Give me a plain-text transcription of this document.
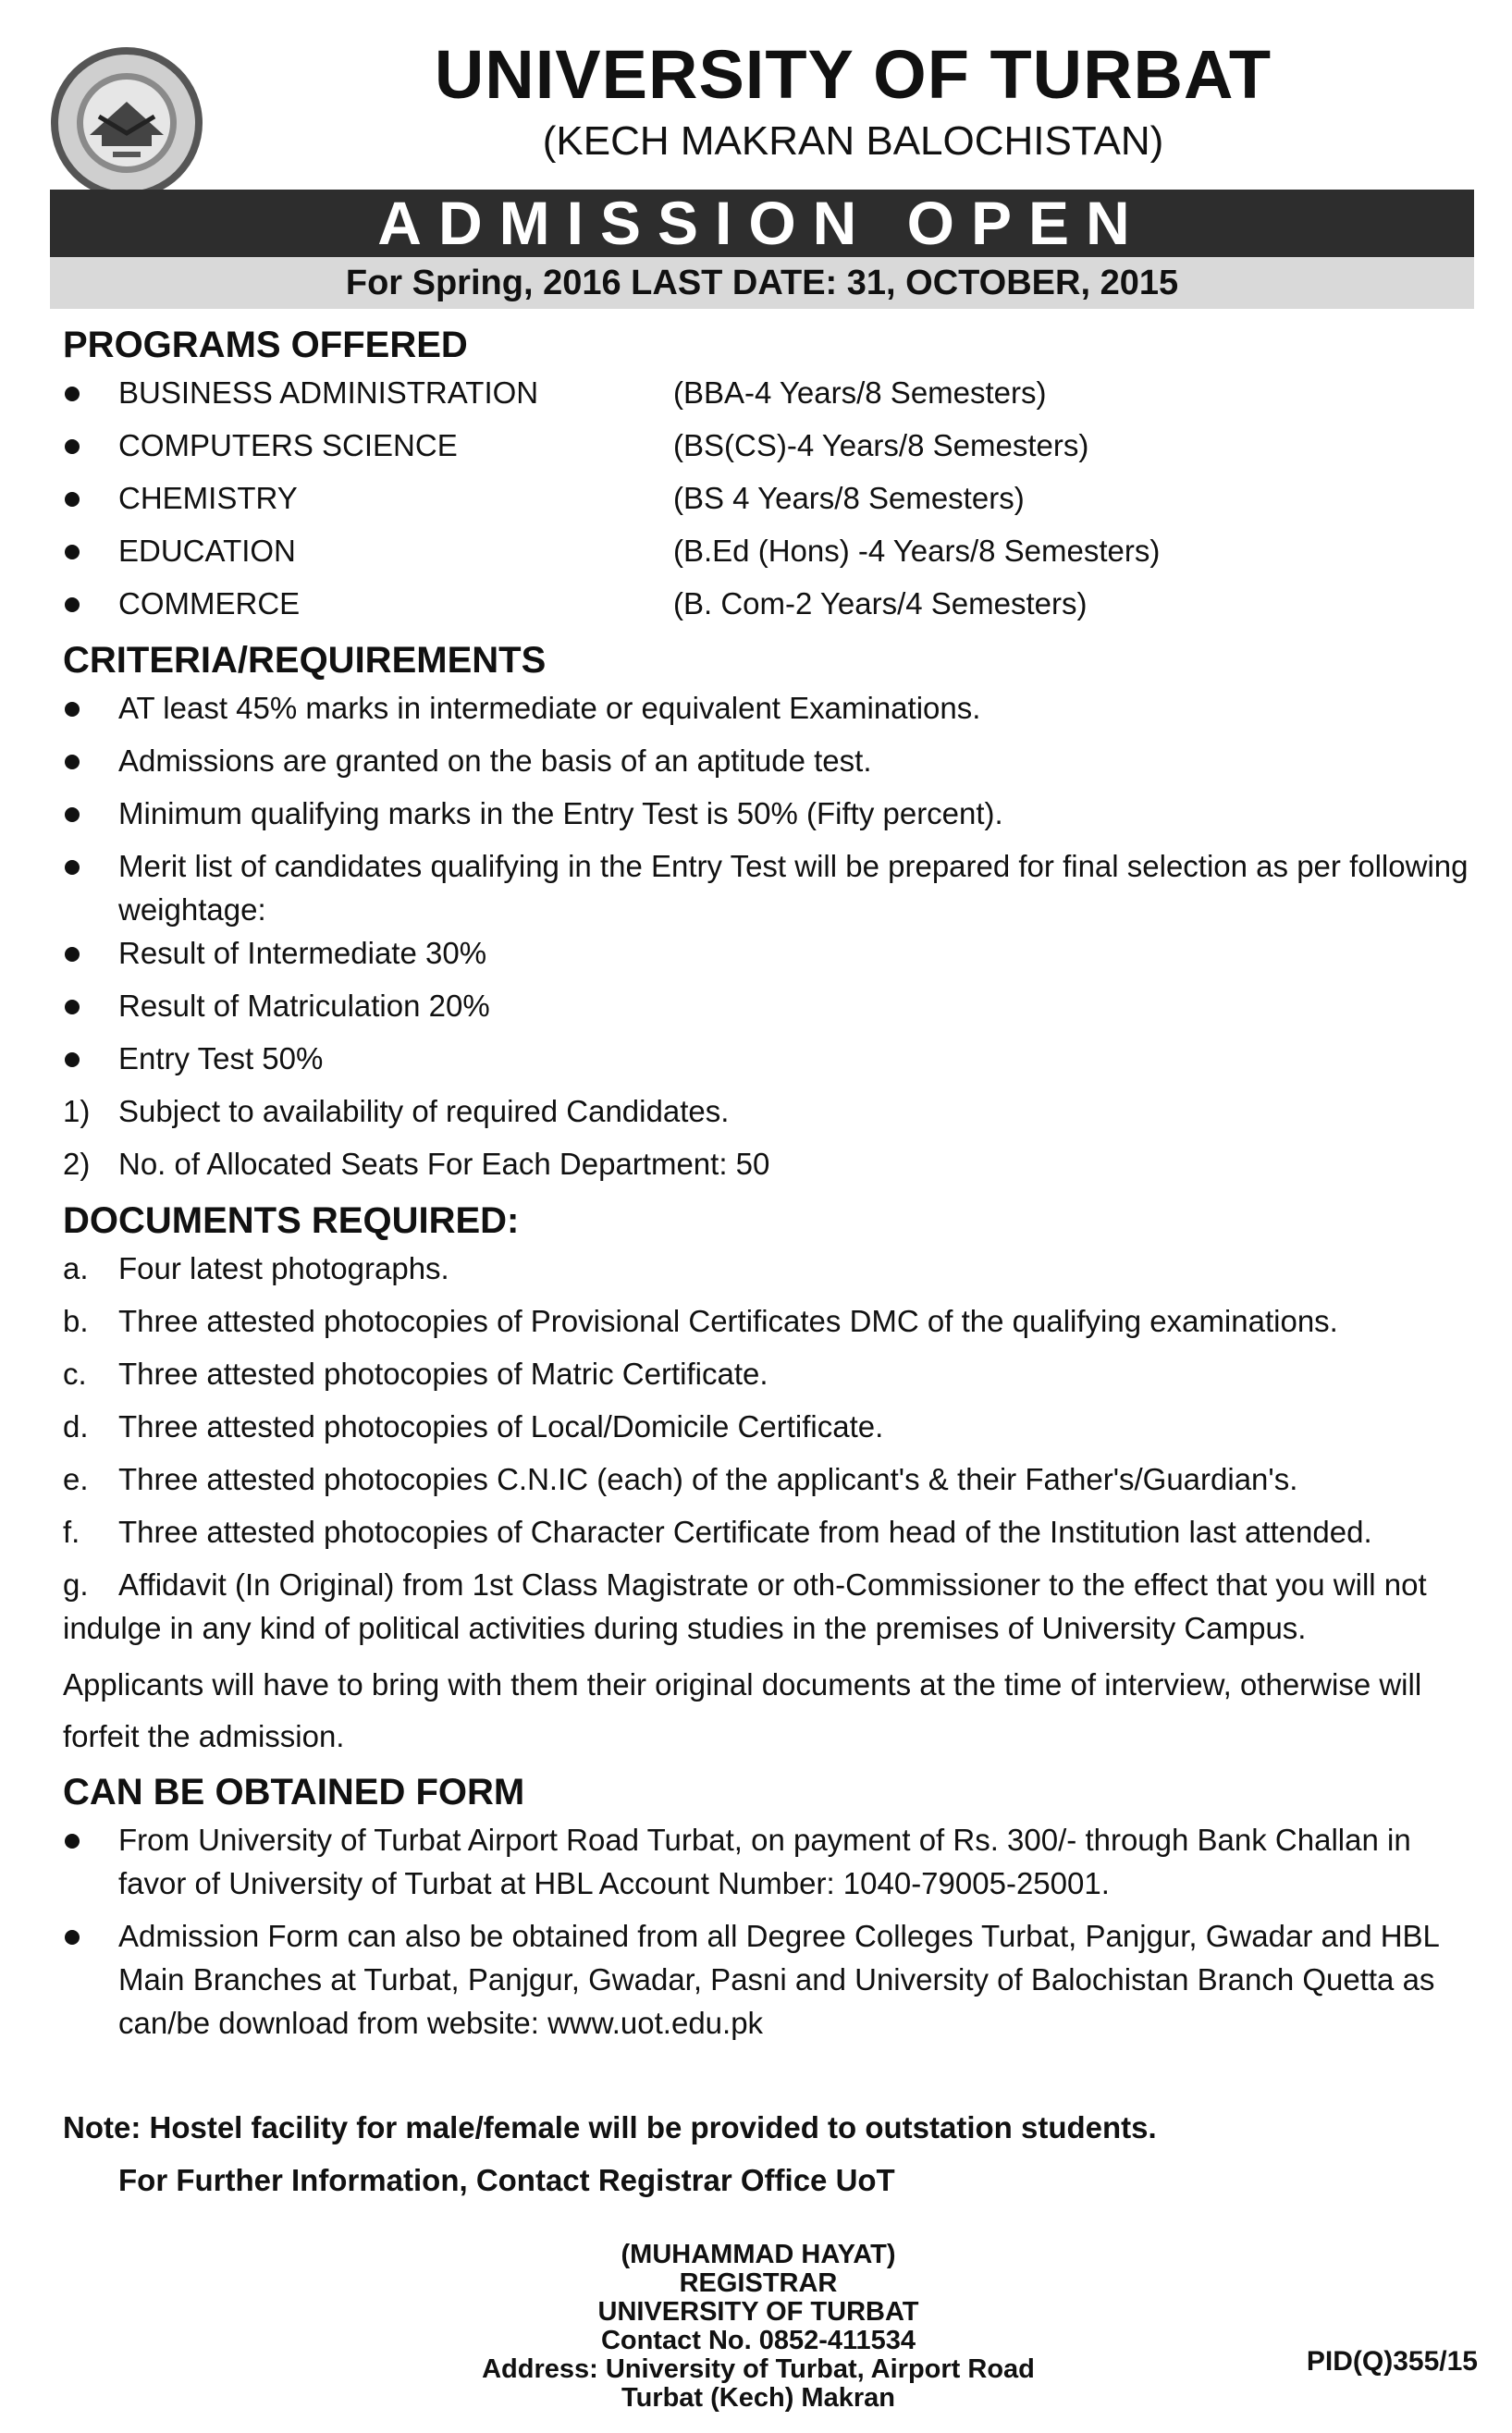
UNIVERSITY OF TURBAT
(KECH MAKRAN BALOCHISTAN)
ADMISSION OPEN
For Spring, 2016 LAST DATE: 31, OCTOBER, 2015
PROGRAMS OFFERED
BUSINESS ADMINISTRATION	(BBA-4 Years/8 Semesters)
COMPUTERS SCIENCE	(BS(CS)-4 Years/8 Semesters)
CHEMISTRY	(BS 4 Years/8 Semesters)
EDUCATION	(B.Ed (Hons) -4 Years/8 Semesters)
COMMERCE	(B. Com-2 Years/4 Semesters)
CRITERIA/REQUIREMENTS
AT least 45% marks in intermediate or equivalent Examinations.
Admissions are granted on the basis of an aptitude test.
Minimum qualifying marks in the Entry Test is 50% (Fifty percent).
Merit list of candidates qualifying in the Entry Test will be prepared for final selection as per following weightage:
Result of Intermediate 30%
Result of Matriculation 20%
Entry Test 50%
1) Subject to availability of required Candidates.
2) No. of Allocated Seats For Each Department: 50
DOCUMENTS REQUIRED:
a. Four latest photographs.
b. Three attested photocopies of Provisional Certificates DMC of the qualifying examinations.
c. Three attested photocopies of Matric Certificate.
d. Three attested photocopies of Local/Domicile Certificate.
e. Three attested photocopies C.N.IC (each) of the applicant's & their Father's/Guardian's.
f. Three attested photocopies of Character Certificate from head of the Institution last attended.
g. Affidavit (In Original) from 1st Class Magistrate or oth-Commissioner to the effect that you will not indulge in any kind of political activities during studies in the premises of University Campus.
Applicants will have to bring with them their original documents at the time of interview, otherwise will forfeit the admission.
CAN BE OBTAINED FORM
From University of Turbat Airport Road Turbat, on payment of Rs. 300/- through Bank Challan in favor of University of Turbat at HBL Account Number: 1040-79005-25001.
Admission Form can also be obtained from all Degree Colleges Turbat, Panjgur, Gwadar and HBL Main Branches at Turbat, Panjgur, Gwadar, Pasni and University of Balochistan Branch Quetta as can/be download from website: www.uot.edu.pk
Note: Hostel facility for male/female will be provided to outstation students.
For Further Information, Contact Registrar Office UoT
(MUHAMMAD HAYAT)
REGISTRAR
UNIVERSITY OF TURBAT
Contact No. 0852-411534
Address: University of Turbat, Airport Road
Turbat (Kech) Makran
PID(Q)355/15
